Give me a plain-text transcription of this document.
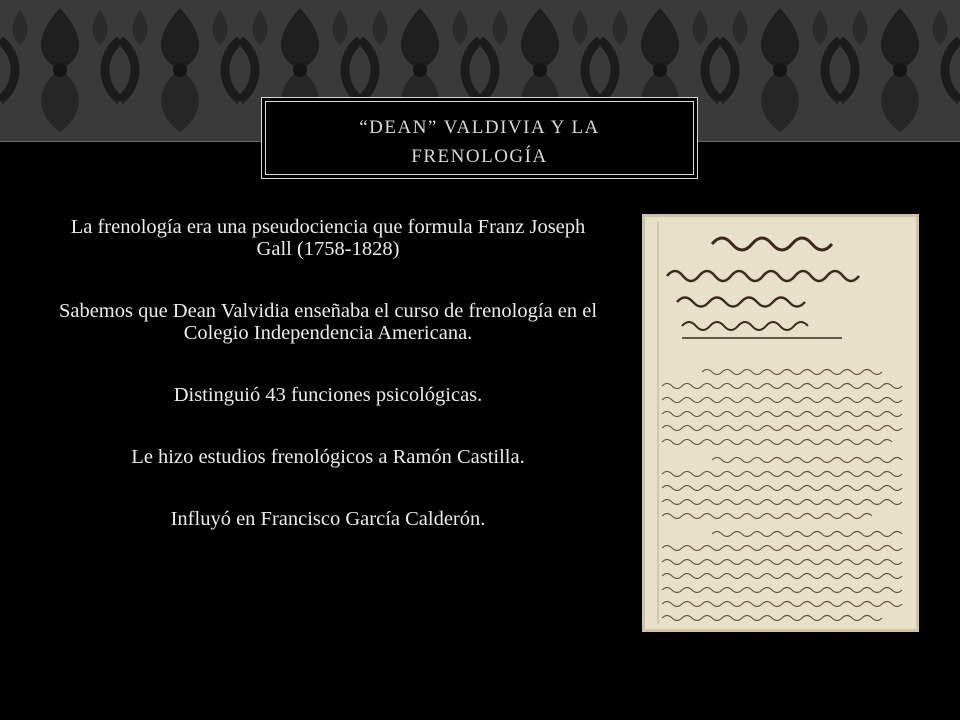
“DEAN” VALDIVIA Y LA
FRENOLOGÍA

La frenología era una pseudociencia que formula Franz Joseph Gall (1758-1828)

Sabemos que Dean Valvidia enseñaba el curso de frenología en el Colegio Independencia Americana.

Distinguió 43 funciones psicológicas.

Le hizo estudios frenológicos a Ramón Castilla.

Influyó en Francisco García Calderón.
